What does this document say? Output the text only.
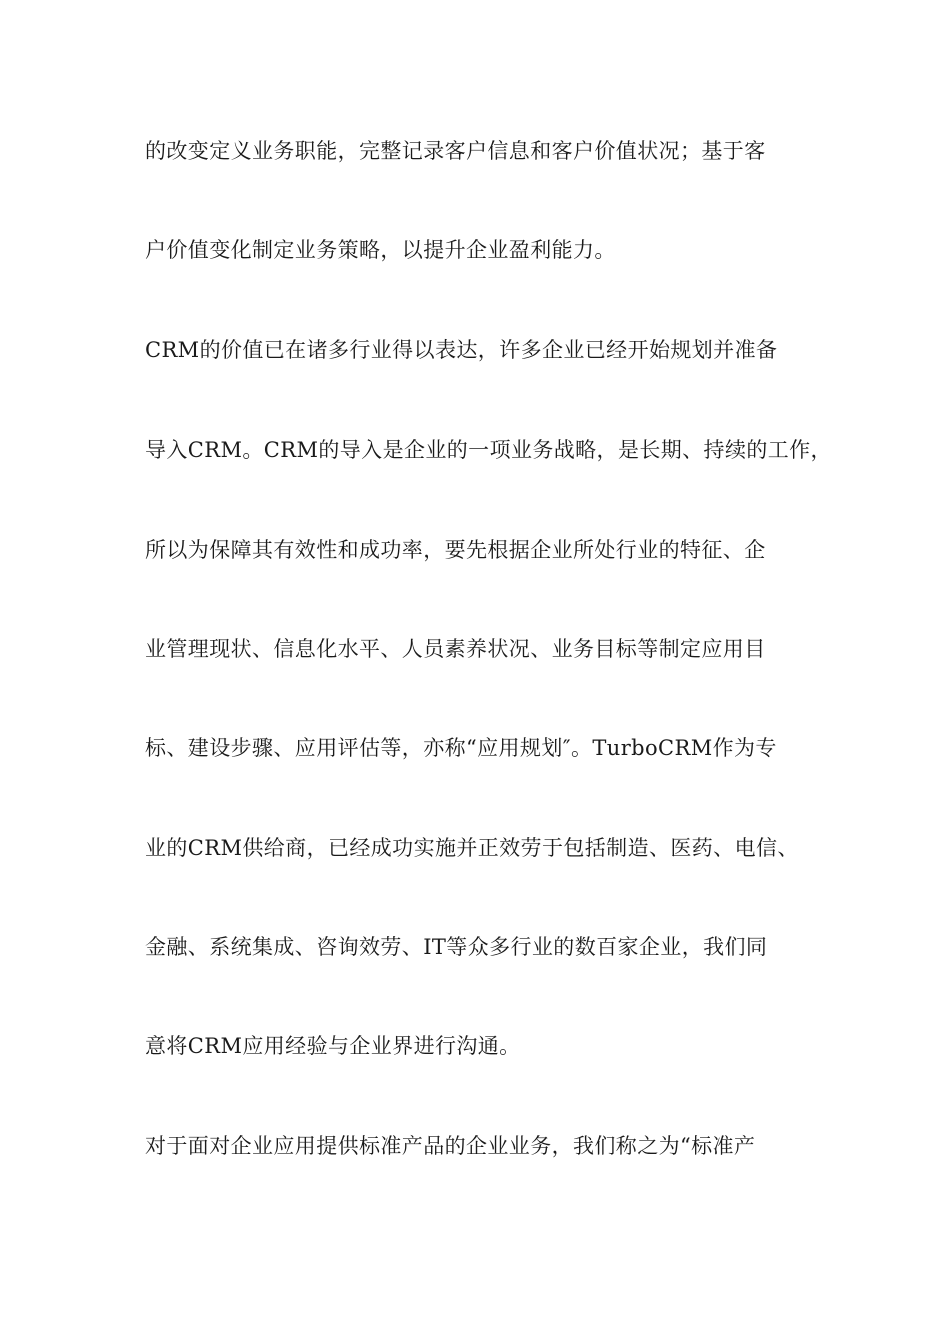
的改变定义业务职能，完整记录客户信息和客户价值状况；基于客

户价值变化制定业务策略，以提升企业盈利能力。

CRM的价值已在诸多行业得以表达，许多企业已经开始规划并准备

导入CRM。CRM的导入是企业的一项业务战略，是长期、持续的工作，

所以为保障其有效性和成功率，要先根据企业所处行业的特征、企

业管理现状、信息化水平、人员素养状况、业务目标等制定应用目

标、建设步骤、应用评估等，亦称“应用规划″。TurboCRM作为专

业的CRM供给商，已经成功实施并正效劳于包括制造、医药、电信、

金融、系统集成、咨询效劳、IT等众多行业的数百家企业，我们同

意将CRM应用经验与企业界进行沟通。

对于面对企业应用提供标准产品的企业业务，我们称之为“标准产
